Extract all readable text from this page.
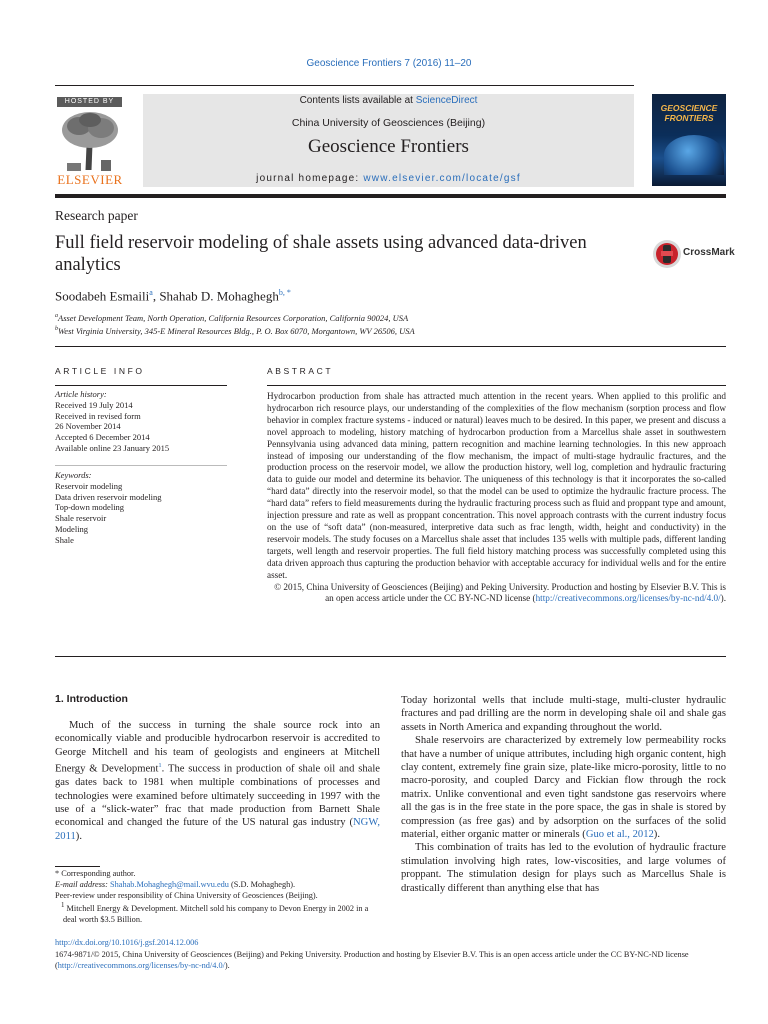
Geoscience Frontiers 7 (2016) 11–20
HOSTED BY
ELSEVIER
Contents lists available at ScienceDirect
China University of Geosciences (Beijing)
Geoscience Frontiers
journal homepage: www.elsevier.com/locate/gsf
GEOSCIENCE
FRONTIERS
Research paper
Full field reservoir modeling of shale assets using advanced data-driven analytics
CrossMark
Soodabeh Esmaili$^a$, Shahab D. Mohaghegh$^{b, *}$
$^a$Asset Development Team, North Operation, California Resources Corporation, California 90024, USA
$^b$West Virginia University, 345-E Mineral Resources Bldg., P. O. Box 6070, Morgantown, WV 26506, USA
ARTICLE INFO	ABSTRACT
Article history:
Received 19 July 2014
Received in revised form
26 November 2014
Accepted 6 December 2014
Available online 23 January 2015
Keywords:
Reservoir modeling
Data driven reservoir modeling
Top-down modeling
Shale reservoir
Modeling
Shale

Hydrocarbon production from shale has attracted much attention in the recent years. When applied to this prolific and hydrocarbon rich resource plays, our understanding of the complexities of the flow mechanism (sorption process and flow behavior in complex fracture systems - induced or natural) leaves much to be desired. In this paper, we present and discuss a novel approach to modeling, history matching of hydrocarbon production from a Marcellus shale asset in southwestern Pennsylvania using advanced data mining, pattern recognition and machine learning technologies. In this new approach instead of imposing our understanding of the flow mechanism, the impact of multi-stage hydraulic fractures, and the production process on the reservoir model, we allow the production history, well log, completion and hydraulic fracturing data to guide our model and determine its behavior. The uniqueness of this technology is that it incorporates the so-called “hard data” directly into the reservoir model, so that the model can be used to optimize the hydraulic fracture process. The “hard data” refers to field measurements during the hydraulic fracturing process such as fluid and proppant type and amount, injection pressure and rate as well as proppant concentration. This novel approach contrasts with the current industry focus on the use of “soft data” (non-measured, interpretive data such as frac length, width, height and conductivity) in the reservoir models. The study focuses on a Marcellus shale asset that includes 135 wells with multiple pads, different landing targets, well length and reservoir properties. The full field history matching process was successfully completed using this data driven approach thus capturing the production behavior with acceptable accuracy for individual wells and for the entire asset.

© 2015, China University of Geosciences (Beijing) and Peking University. Production and hosting by Elsevier B.V. This is an open access article under the CC BY-NC-ND license (http://creativecommons.org/licenses/by-nc-nd/4.0/).

1. Introduction

Much of the success in turning the shale source rock into an economically viable and producible hydrocarbon reservoir is accredited to George Mitchell and his team of geologists and engineers at Mitchell Energy & Development$^1$. The success in production of shale oil and shale gas dates back to 1981 when multiple combinations of processes and technologies were examined before ultimately succeeding in 1997 with the use of a “slick-water” frac that made production from Barnett Shale economical and changed the future of the US natural gas industry (NGW, 2011).

Today horizontal wells that include multi-stage, multi-cluster hydraulic fractures and pad drilling are the norm in developing shale oil and shale gas assets in North America and expanding throughout the world.

Shale reservoirs are characterized by extremely low permeability rocks that have a number of unique attributes, including high organic content, high clay content, extremely fine grain size, plate-like micro-porosity, little to no macro-porosity, and coupled Darcy and Fickian flow through the rock matrix. Unlike conventional and even tight sandstone gas reservoirs where all the gas is in the free state in the pore space, the gas in shale is stored by compression (as free gas) and by adsorption on the surfaces of the solid material, either organic matter or minerals (Guo et al., 2012).

This combination of traits has led to the evolution of hydraulic fracture stimulation involving high rates, low-viscosities, and large volumes of proppant. The stimulation design for plays such as Marcellus Shale is drastically different than anything else that has

* Corresponding author.

E-mail address: Shahab.Mohaghegh@mail.wvu.edu (S.D. Mohaghegh).

Peer-review under responsibility of China University of Geosciences (Beijing).

$^1$ Mitchell Energy & Development. Mitchell sold his company to Devon Energy in 2002 in a deal worth $3.5 Billion.

http://dx.doi.org/10.1016/j.gsf.2014.12.006
1674-9871/© 2015, China University of Geosciences (Beijing) and Peking University. Production and hosting by Elsevier B.V. This is an open access article under the CC BY-NC-ND license (http://creativecommons.org/licenses/by-nc-nd/4.0/).
